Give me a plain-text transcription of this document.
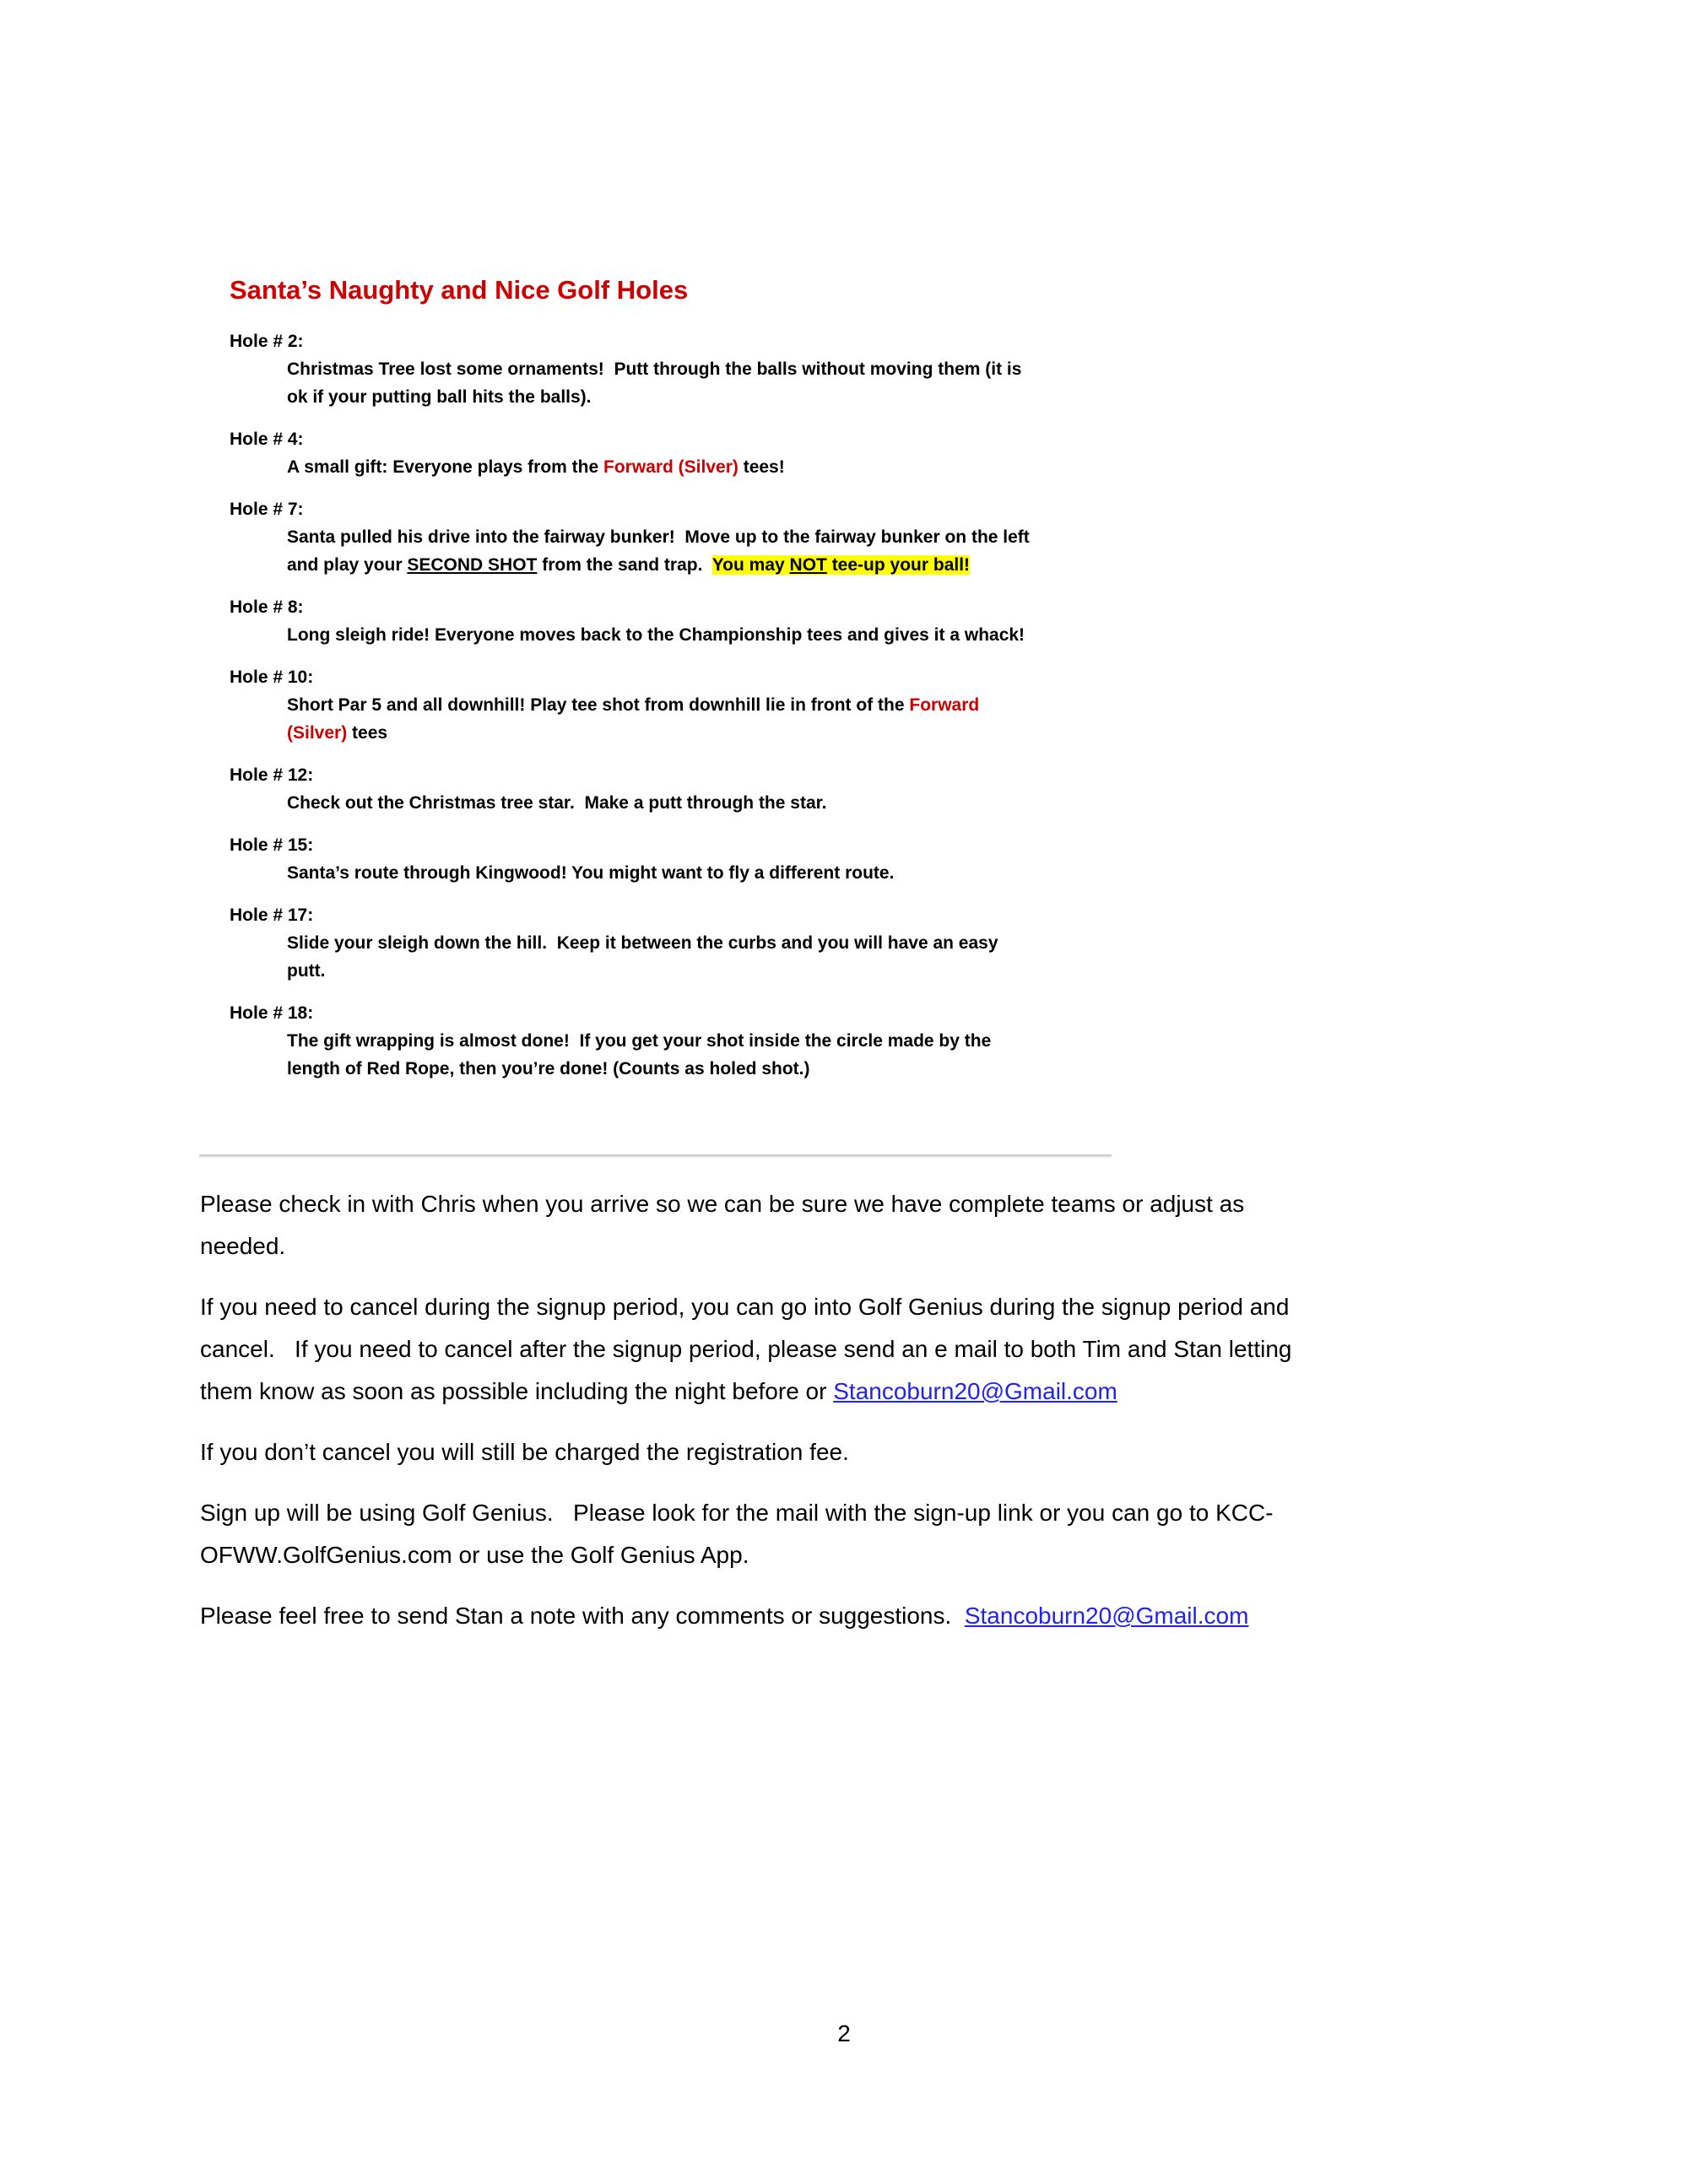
Santa’s Naughty and Nice Golf Holes
Hole # 2:
Christmas Tree lost some ornaments!  Putt through the balls without moving them (it is
ok if your putting ball hits the balls).
Hole # 4:
A small gift: Everyone plays from the Forward (Silver) tees!
Hole # 7:
Santa pulled his drive into the fairway bunker!  Move up to the fairway bunker on the left
and play your SECOND SHOT from the sand trap.  You may NOT tee-up your ball!
Hole # 8:
Long sleigh ride! Everyone moves back to the Championship tees and gives it a whack!
Hole # 10:
Short Par 5 and all downhill! Play tee shot from downhill lie in front of the Forward
(Silver) tees
Hole # 12:
Check out the Christmas tree star.  Make a putt through the star.
Hole # 15:
Santa’s route through Kingwood! You might want to fly a different route.
Hole # 17:
Slide your sleigh down the hill.  Keep it between the curbs and you will have an easy
putt.
Hole # 18:
The gift wrapping is almost done!  If you get your shot inside the circle made by the
length of Red Rope, then you’re done! (Counts as holed shot.)
Please check in with Chris when you arrive so we can be sure we have complete teams or adjust as
needed.
If you need to cancel during the signup period, you can go into Golf Genius during the signup period and
cancel.   If you need to cancel after the signup period, please send an e mail to both Tim and Stan letting
them know as soon as possible including the night before or Stancoburn20@Gmail.com
If you don’t cancel you will still be charged the registration fee.
Sign up will be using Golf Genius.   Please look for the mail with the sign-up link or you can go to KCC-
OFWW.GolfGenius.com or use the Golf Genius App.
Please feel free to send Stan a note with any comments or suggestions.  Stancoburn20@Gmail.com
2
